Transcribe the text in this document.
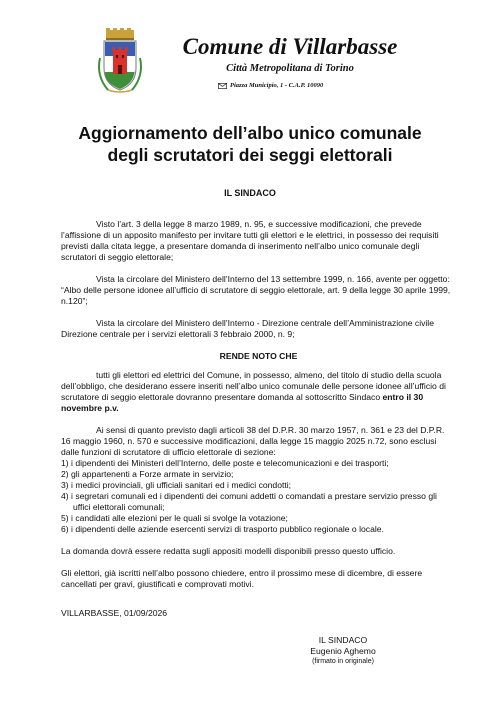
Comune di Villarbasse
Città Metropolitana di Torino
Piazza Municipio, 1 - C.A.P. 10090
Aggiornamento dell’albo unico comunale
degli scrutatori dei seggi elettorali
IL SINDACO

Visto l’art. 3 della legge 8 marzo 1989, n. 95, e successive modificazioni, che prevede l’affissione di un apposito manifesto per invitare tutti gli elettori e le elettrici, in possesso dei requisiti previsti dalla citata legge, a presentare domanda di inserimento nell’albo unico comunale degli scrutatori di seggio elettorale;

Vista la circolare del Ministero dell’Interno del 13 settembre 1999, n. 166, avente per oggetto: “Albo delle persone idonee all’ufficio di scrutatore di seggio elettorale, art. 9 della legge 30 aprile 1999, n.120”;

Vista la circolare del Ministero dell’Interno - Direzione centrale dell’Amministrazione civile Direzione centrale per i servizi elettorali 3 febbraio 2000, n. 9;

RENDE NOTO CHE

tutti gli elettori ed elettrici del Comune, in possesso, almeno, del titolo di studio della scuola dell’obbligo, che desiderano essere inseriti nell’albo unico comunale delle persone idonee all’ufficio di scrutatore di seggio elettorale dovranno presentare domanda al sottoscritto Sindaco entro il 30 novembre p.v.

Ai sensi di quanto previsto dagli articoli 38 del D.P.R. 30 marzo 1957, n. 361 e 23 del D.P.R. 16 maggio 1960, n. 570 e successive modificazioni, dalla legge 15 maggio 2025 n.72, sono esclusi dalle funzioni di scrutatore di ufficio elettorale di sezione:

1) i dipendenti dei Ministeri dell’Interno, delle poste e telecomunicazioni e dei trasporti;
2) gli appartenenti a Forze armate in servizio;
3) i medici provinciali, gli ufficiali sanitari ed i medici condotti;
4) i segretari comunali ed i dipendenti dei comuni addetti o comandati a prestare servizio presso gli uffici elettorali comunali;
5) i candidati alle elezioni per le quali si svolge la votazione;
6) i dipendenti delle aziende esercenti servizi di trasporto pubblico regionale o locale.

La domanda dovrà essere redatta sugli appositi modelli disponibili presso questo ufficio.

Gli elettori, già iscritti nell’albo possono chiedere, entro il prossimo mese di dicembre, di essere cancellati per gravi, giustificati e comprovati motivi.

VILLARBASSE, 01/09/2026

IL SINDACO
Eugenio Aghemo
(firmato in originale)
